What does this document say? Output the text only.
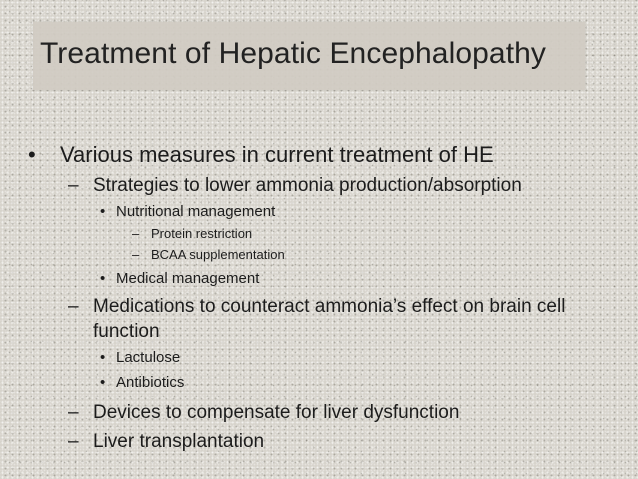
Treatment of Hepatic Encephalopathy
•	Various measures in current treatment of HE
– Strategies to lower ammonia production/absorption
• Nutritional management
– Protein restriction
– BCAA supplementation
• Medical management
– Medications to counteract ammonia’s effect on brain cell function
• Lactulose
• Antibiotics
– Devices to compensate for liver dysfunction
– Liver transplantation
